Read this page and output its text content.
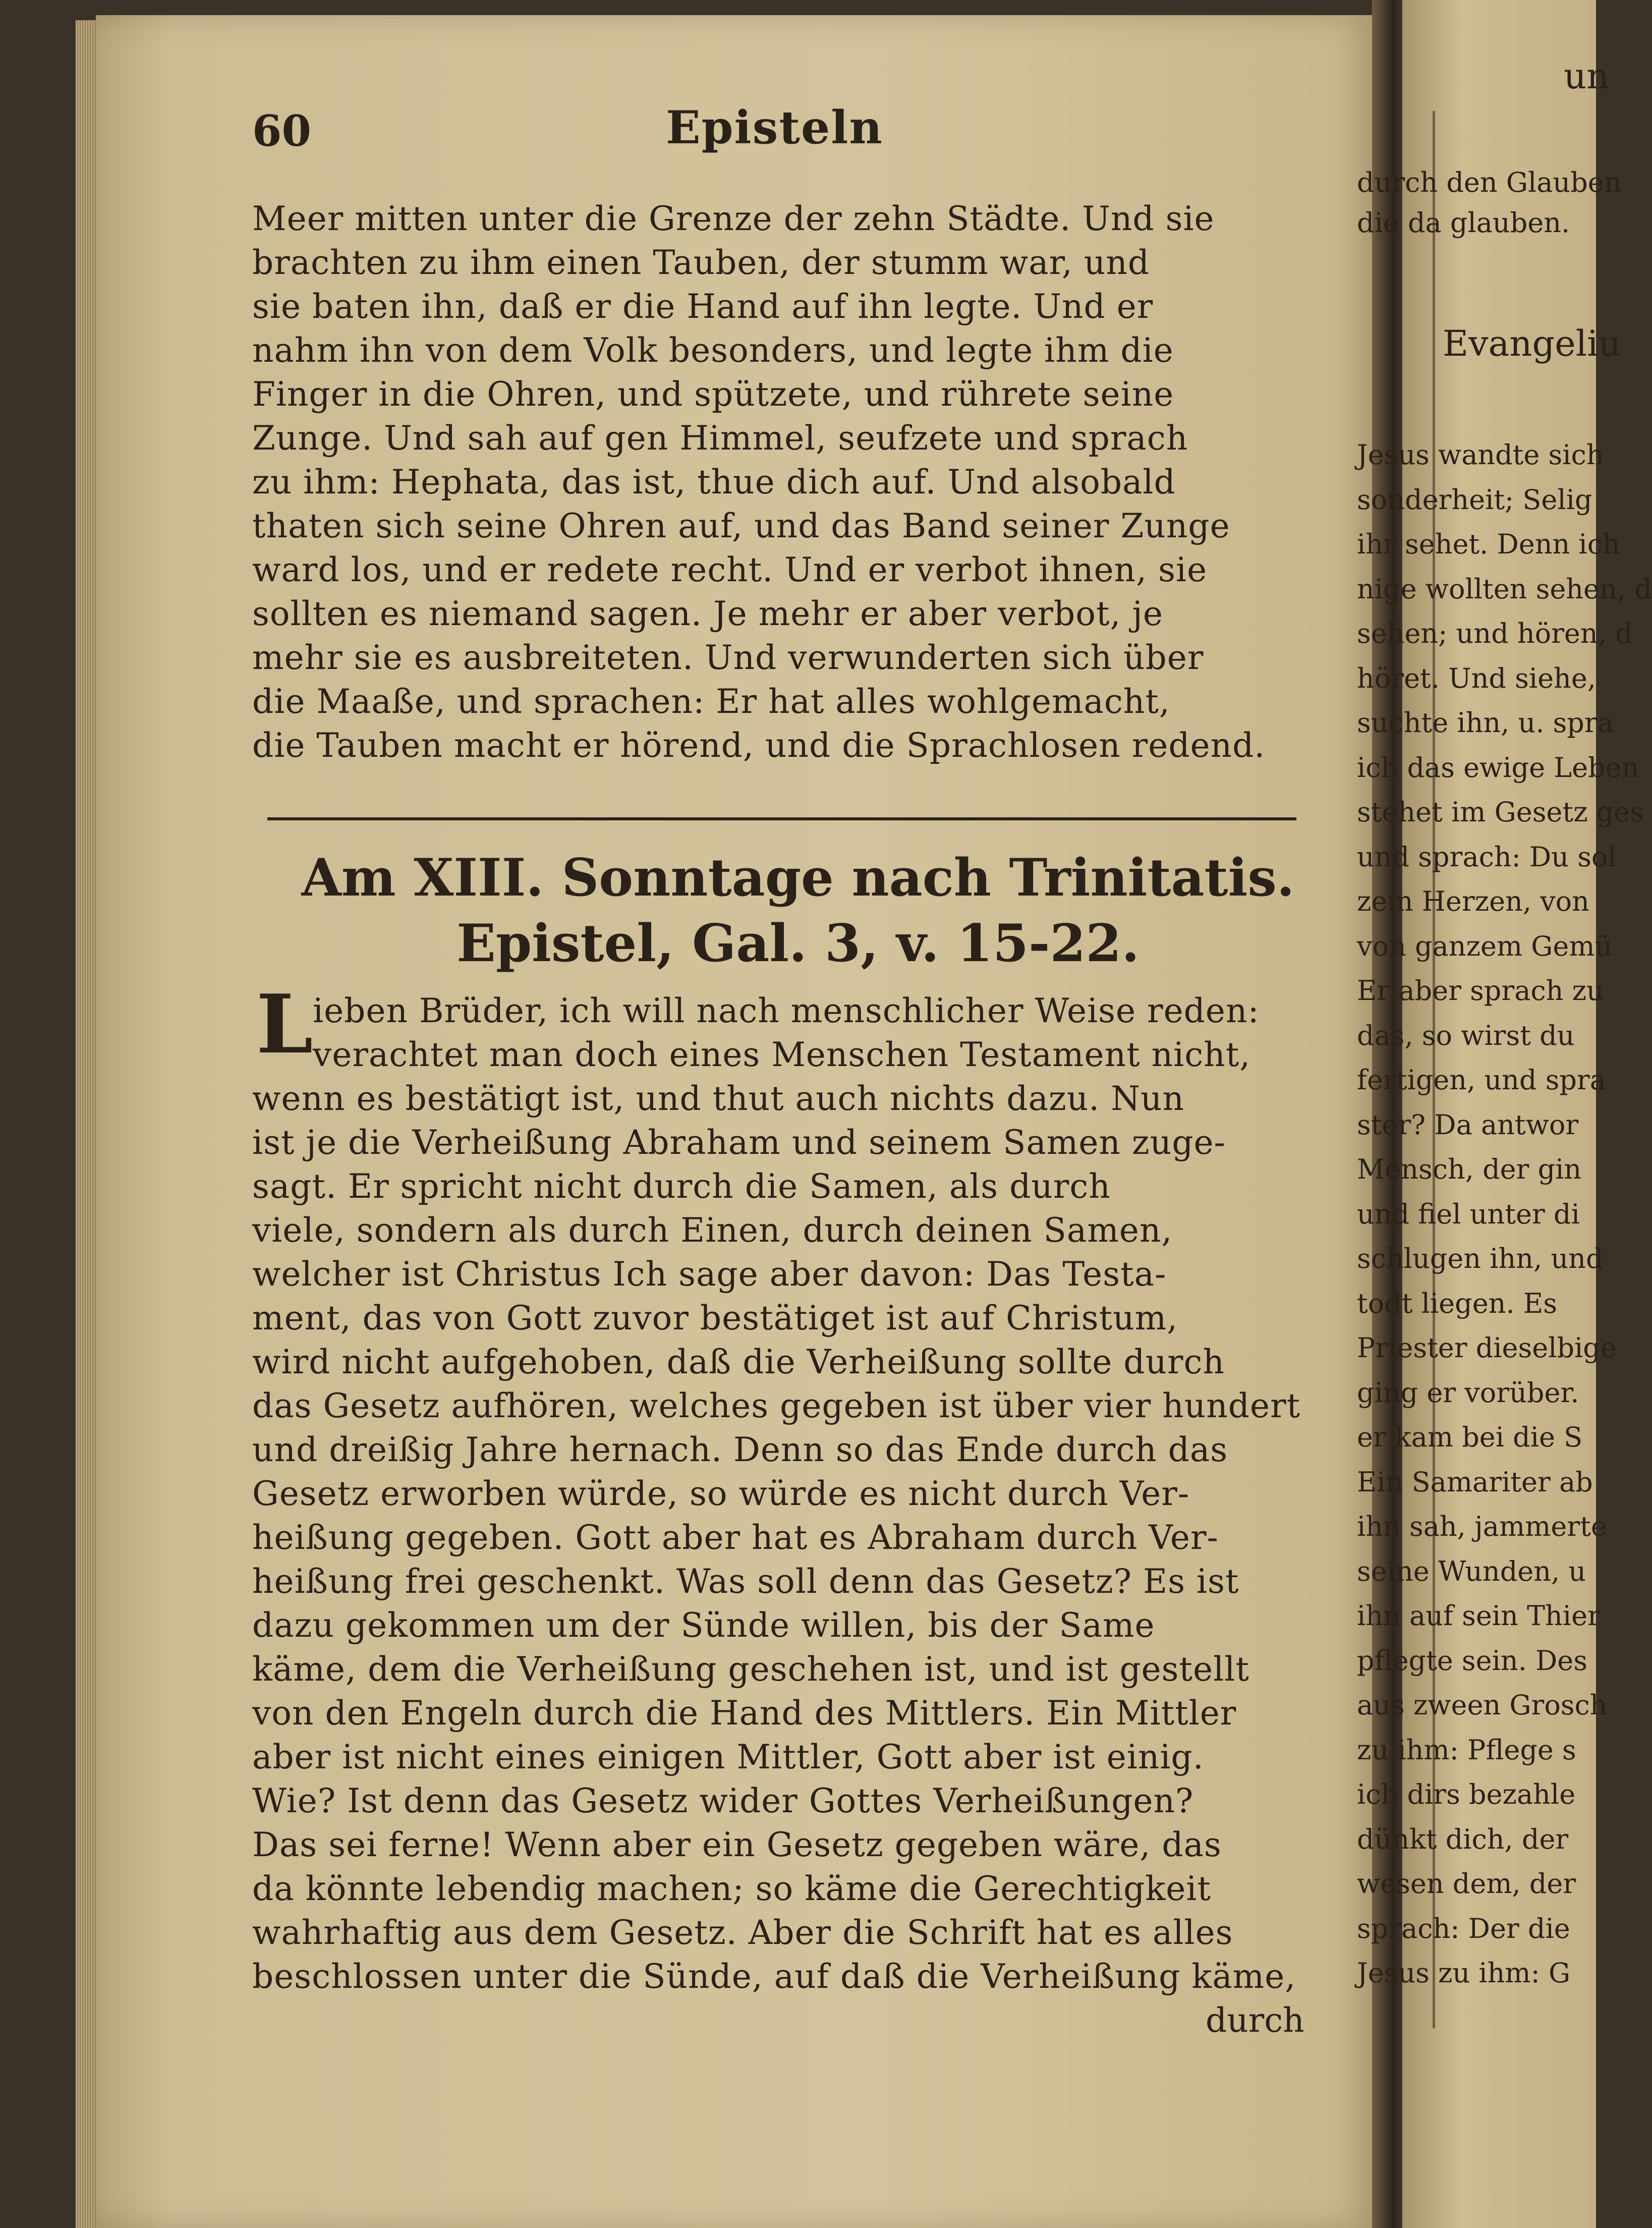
60	Episteln
Meer mitten unter die Grenze der zehn Städte. Und sie
brachten zu ihm einen Tauben, der stumm war, und
sie baten ihn, daß er die Hand auf ihn legte. Und er
nahm ihn von dem Volk besonders, und legte ihm die
Finger in die Ohren, und spützete, und rührete seine
Zunge. Und sah auf gen Himmel, seufzete und sprach
zu ihm: Hephata, das ist, thue dich auf. Und alsobald
thaten sich seine Ohren auf, und das Band seiner Zunge
ward los, und er redete recht. Und er verbot ihnen, sie
sollten es niemand sagen. Je mehr er aber verbot, je
mehr sie es ausbreiteten. Und verwunderten sich über
die Maaße, und sprachen: Er hat alles wohlgemacht,
die Tauben macht er hörend, und die Sprachlosen redend.
Am XIII. Sonntage nach Trinitatis.
Epistel, Gal. 3, v. 15-22.
L ieben Brüder, ich will nach menschlicher Weise reden:
verachtet man doch eines Menschen Testament nicht,
wenn es bestätigt ist, und thut auch nichts dazu. Nun
ist je die Verheißung Abraham und seinem Samen zuge-
sagt. Er spricht nicht durch die Samen, als durch
viele, sondern als durch Einen, durch deinen Samen,
welcher ist Christus Ich sage aber davon: Das Testa-
ment, das von Gott zuvor bestätiget ist auf Christum,
wird nicht aufgehoben, daß die Verheißung sollte durch
das Gesetz aufhören, welches gegeben ist über vier hundert
und dreißig Jahre hernach. Denn so das Ende durch das
Gesetz erworben würde, so würde es nicht durch Ver-
heißung gegeben. Gott aber hat es Abraham durch Ver-
heißung frei geschenkt. Was soll denn das Gesetz? Es ist
dazu gekommen um der Sünde willen, bis der Same
käme, dem die Verheißung geschehen ist, und ist gestellt
von den Engeln durch die Hand des Mittlers. Ein Mittler
aber ist nicht eines einigen Mittler, Gott aber ist einig.
Wie? Ist denn das Gesetz wider Gottes Verheißungen?
Das sei ferne! Wenn aber ein Gesetz gegeben wäre, das
da könnte lebendig machen; so käme die Gerechtigkeit
wahrhaftig aus dem Gesetz. Aber die Schrift hat es alles
beschlossen unter die Sünde, auf daß die Verheißung käme,
durch
un
durch den Glauben
die da glauben.
Evangeliu
Jesus wandte sich
sonderheit; Selig
ihr sehet. Denn ich
nige wollten sehen, d
sehen; und hören, d
höret. Und siehe,
suchte ihn, u. spra
ich das ewige Leben
stehet im Gesetz ges
und sprach: Du sol
zem Herzen, von
von ganzem Gemü
Er aber sprach zu
das, so wirst du
fertigen, und spra
ster? Da antwor
Mensch, der gin
und fiel unter di
schlugen ihn, und
todt liegen. Es
Priester dieselbige
ging er vorüber.
er kam bei die S
Ein Samariter ab
ihn sah, jammerte
seine Wunden, u
ihn auf sein Thier
pflegte sein. Des
aus zween Grosch
zu ihm: Pflege s
ich dirs bezahle
dünkt dich, der
wesen dem, der
sprach: Der die
Jesus zu ihm: G
